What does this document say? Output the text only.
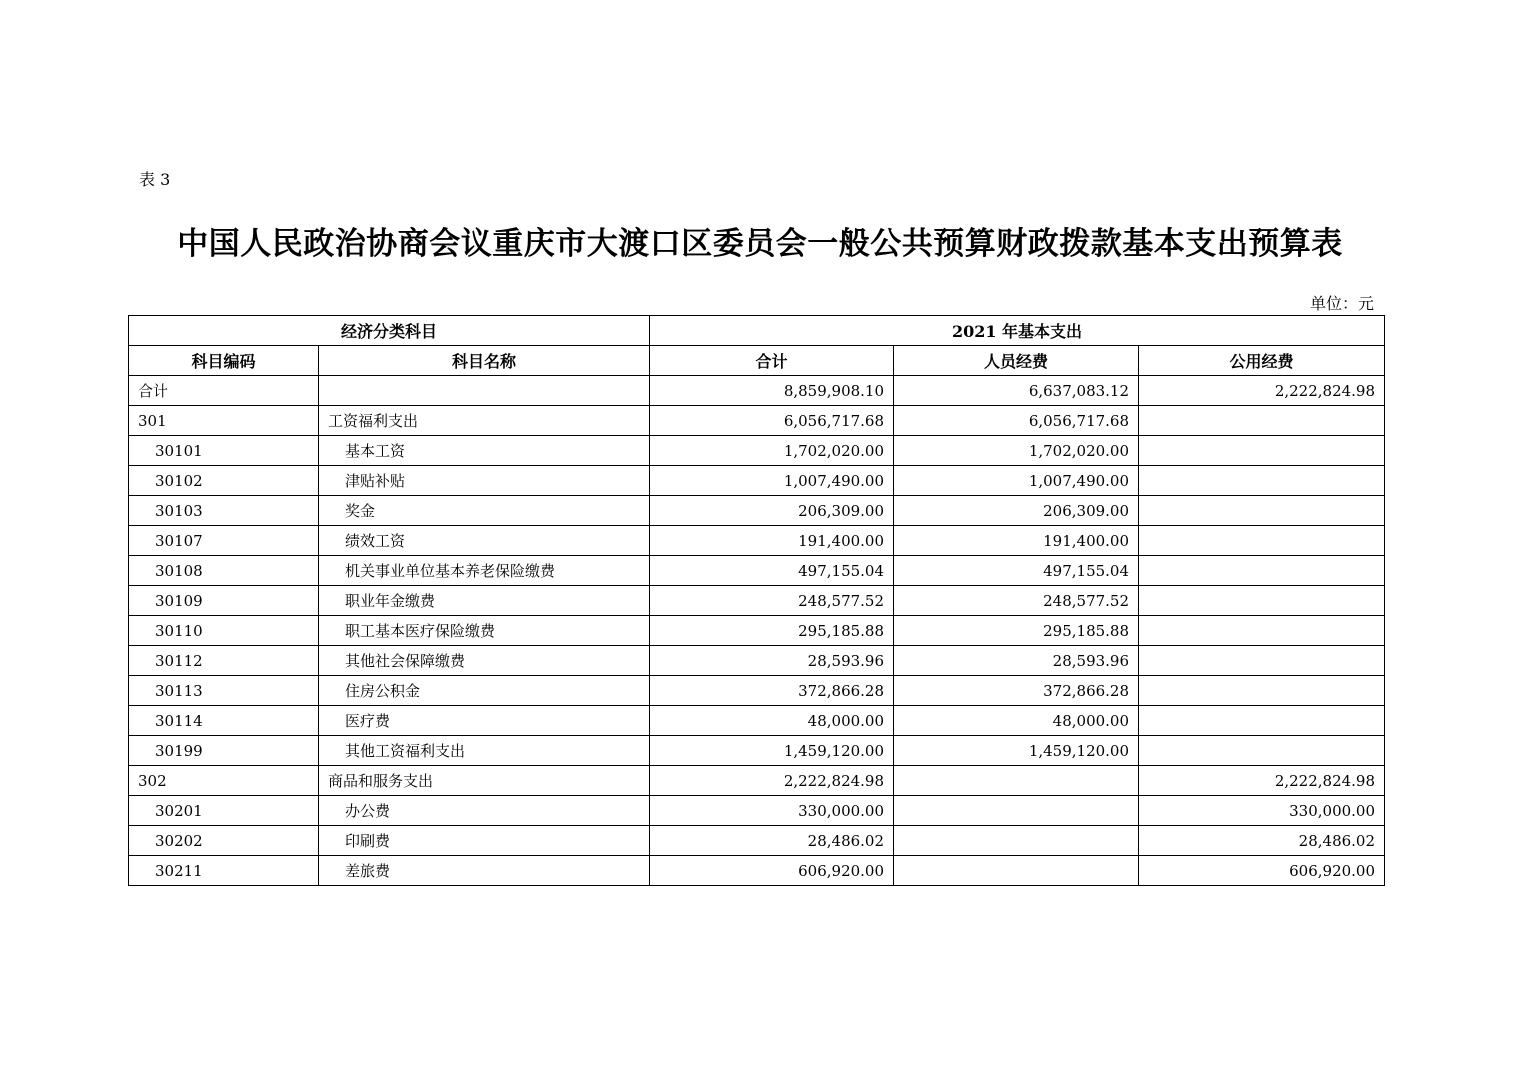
表 3
中国人民政治协商会议重庆市大渡口区委员会一般公共预算财政拨款基本支出预算表
单位：元
经济分类科目		2021 年基本支出		
科目编码	科目名称	合计	人员经费	公用经费
合计		8,859,908.10	6,637,083.12	2,222,824.98
301	工资福利支出	6,056,717.68	6,056,717.68	
30101	基本工资	1,702,020.00	1,702,020.00	
30102	津贴补贴	1,007,490.00	1,007,490.00	
30103	奖金	206,309.00	206,309.00	
30107	绩效工资	191,400.00	191,400.00	
30108	机关事业单位基本养老保险缴费	497,155.04	497,155.04	
30109	职业年金缴费	248,577.52	248,577.52	
30110	职工基本医疗保险缴费	295,185.88	295,185.88	
30112	其他社会保障缴费	28,593.96	28,593.96	
30113	住房公积金	372,866.28	372,866.28	
30114	医疗费	48,000.00	48,000.00	
30199	其他工资福利支出	1,459,120.00	1,459,120.00	
302	商品和服务支出	2,222,824.98		2,222,824.98
30201	办公费	330,000.00		330,000.00
30202	印刷费	28,486.02		28,486.02
30211	差旅费	606,920.00		606,920.00
